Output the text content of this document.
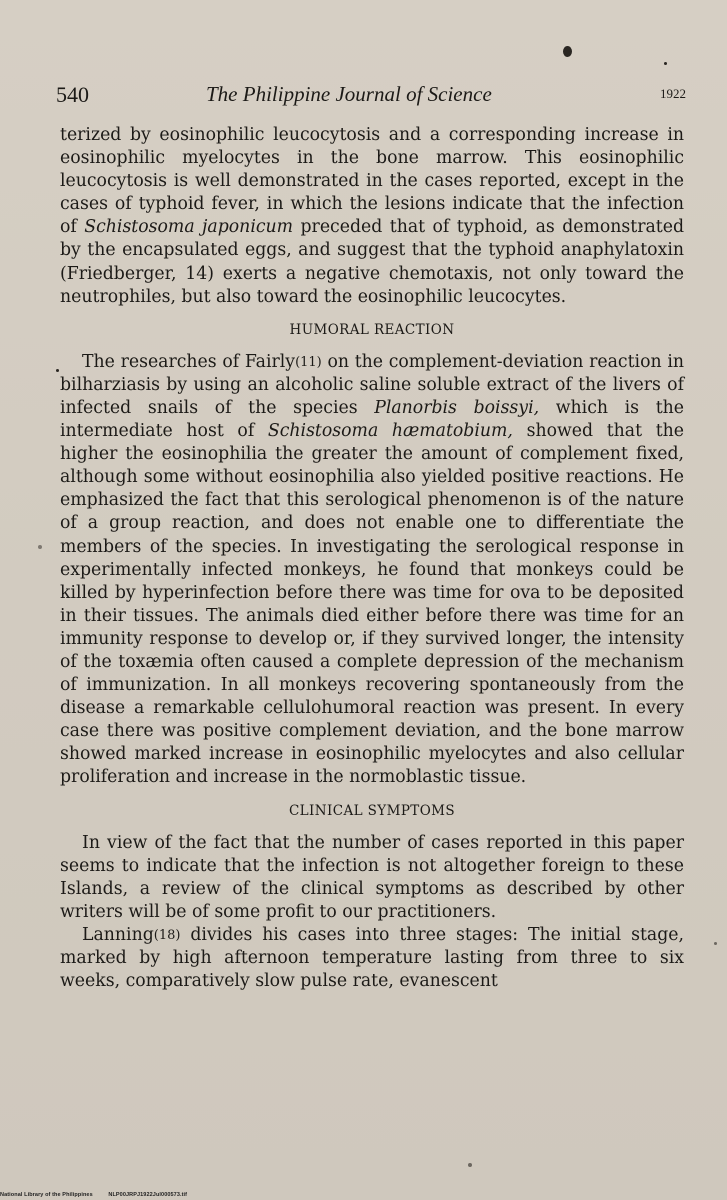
540	The Philippine Journal of Science	1922

terized by eosinophilic leucocytosis and a corresponding increase in eosinophilic myelocytes in the bone marrow. This eosinophilic leucocytosis is well demonstrated in the cases reported, except in the cases of typhoid fever, in which the lesions indicate that the infection of Schistosoma japonicum preceded that of typhoid, as demonstrated by the encapsulated eggs, and suggest that the typhoid anaphylatoxin (Friedberger, 14) exerts a negative chemotaxis, not only toward the neutrophiles, but also toward the eosinophilic leucocytes.

HUMORAL REACTION

The researches of Fairly(11) on the complement-deviation reaction in bilharziasis by using an alcoholic saline soluble extract of the livers of infected snails of the species Planorbis boissyi, which is the intermediate host of Schistosoma hæmatobium, showed that the higher the eosinophilia the greater the amount of complement fixed, although some without eosinophilia also yielded positive reactions. He emphasized the fact that this serological phenomenon is of the nature of a group reaction, and does not enable one to differentiate the members of the species. In investigating the serological response in experimentally infected monkeys, he found that monkeys could be killed by hyperinfection before there was time for ova to be deposited in their tissues. The animals died either before there was time for an immunity response to develop or, if they survived longer, the intensity of the toxæmia often caused a complete depression of the mechanism of immunization. In all monkeys recovering spontaneously from the disease a remarkable cellulohumoral reaction was present. In every case there was positive complement deviation, and the bone marrow showed marked increase in eosinophilic myelocytes and also cellular proliferation and increase in the normoblastic tissue.

CLINICAL SYMPTOMS

In view of the fact that the number of cases reported in this paper seems to indicate that the infection is not altogether foreign to these Islands, a review of the clinical symptoms as described by other writers will be of some profit to our practitioners.

Lanning(18) divides his cases into three stages: The initial stage, marked by high afternoon temperature lasting from three to six weeks, comparatively slow pulse rate, evanescent

National Library of the Philippines	NLP00JRPJ1922Jul000573.tif
